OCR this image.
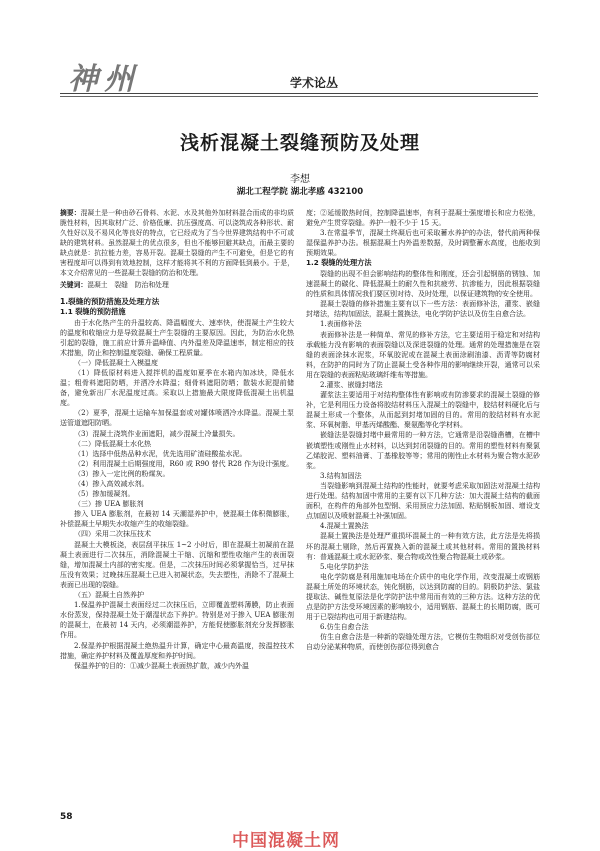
神州	学术论丛
浅析混凝土裂缝预防及处理
李想
湖北工程学院 湖北孝感 432100

摘要：混凝土是一种由砂石骨料、水泥、水及其他外加材料混合而成的非均质脆性材料，因其取材广泛、价格低廉、抗压强度高、可以浇筑成各种形状、耐久性好以及不易风化等良好的特点，它已经成为了当今世界建筑结构中不可或缺的建筑材料。虽然混凝土的优点很多，但也不能够回避其缺点，而最主要的缺点就是：抗拉能力差，容易开裂。混凝土裂缝的产生不可避免，但是它的有害程度却可以得到有效地控制，这样才能将其不利的方面降低到最小。于是，本文介绍常见的一些混凝土裂缝的防治和处理。

关键词：混凝土　裂缝　防治和处理

1.裂缝的预防措施及处理方法

1.1 裂缝的预防措施

由于水化热产生的升温较高、降温幅度大、速率快，使混凝土产生较大的温度和收缩应力是导致混凝土产生裂缝的主要原因。因此，为防治水化热引起的裂缝，施工前应计算升温峰值、内外温差及降温速率，制定相应的技术措施，防止和控制温度裂缝、确保工程质量。

（一）降低混凝土入模温度

（1）降低原材料进入搅拌机的温度如夏季在水箱内加冰块，降低水温；粗骨料遮阳防晒，并洒冷水降温；细骨料遮阳防晒；散装水泥提前储备，避免新出厂水泥温度过高。采取以上措施最大限度降低混凝土出机温度。

（2）夏季，混凝土运输车加保温套或对罐体喷洒冷水降温。混凝土泵送管道遮阳防晒。

（3）混凝土浇筑作业面遮阳，减少混凝土冷量损失。

（二）降低混凝土水化热

（1）选择中低热品种水泥，优先选用矿渣硅酸盐水泥。

（2）利用混凝土后期强度用，R60 或 R90 替代 R28 作为设计强度。

（3）掺入一定比例的粉煤灰。

（4）掺入高效减水剂。

（5）掺加缓凝剂。

（三）掺 UEA 膨胀剂

掺入 UEA 膨胀剂，在最初 14 天潮湿养护中，使混凝土体积微膨胀，补偿混凝土早期失水收缩产生的收缩裂缝。

（四）采用二次抹压技术

混凝土大模板浇，表层刮平抹压 1~2 小时后，即在混凝土初凝前在混凝土表面进行二次抹压，消除混凝土干缩、沉缩和塑性收缩产生的表面裂缝，增加混凝土内部的密实度。但是，二次抹压时间必须掌握恰当，过早抹压没有效果；过晚抹压混凝土已进入初凝状态，失去塑性，消除不了混凝土表面已出现的裂缝。

（五）混凝土自然养护

1.保温养护混凝土表面经过二次抹压后，立即覆盖塑料薄膜，防止表面水份蒸发，保持混凝土处于潮湿状态下养护。特别是对于掺入 UEA 膨胀剂的混凝土，在最初 14 天内，必须潮湿养护，方能促使膨胀剂充分发挥膨胀作用。

2.保湿养护根据混凝土绝热温升计算，确定中心最高温度，按温控技术措施，确定养护材料及覆盖厚度和养护时间。

保温养护的目的：①减少混凝土表面热扩散，减少内外温

度；②延缓散热时间，控制降温速率，有利于混凝土强度增长和应力松弛，避免产生贯穿裂缝。养护一般不少于 15 天。

3.在常温季节，混凝土终凝后也可采取蓄水养护的办法，替代前两种保湿保温养护办法。根据混凝土内外温差数据，及时调整蓄水高度，也能收到预期效果。

1.2 裂缝的处理方法

裂缝的出现不但会影响结构的整体性和刚度，还会引起钢筋的锈蚀、加速混凝土的碳化、降低混凝土的耐久性和抗疲劳、抗渗能力，因此根据裂缝的性质和具体情况我们要区别对待、及时处理，以保证建筑物的安全使用。

混凝土裂缝的修补措施主要有以下一些方法：表面修补法，灌浆、嵌缝封堵法，结构加固法，混凝土置换法，电化学防护法以及仿生自愈合法。

1.表面修补法

表面修补法是一种简单、常见的修补方法，它主要适用于稳定和对结构承载能力没有影响的表面裂缝以及深进裂缝的处理。通常的处理措施是在裂缝的表面涂抹水泥浆，环氧胶泥或在混凝土表面涂刷油漆、沥青等防腐材料，在防护的同时为了防止混凝土受各种作用的影响继续开裂，通常可以采用在裂缝的表面粘贴玻璃纤维布等措施。

2.灌浆、嵌缝封堵法

灌浆法主要适用于对结构整体性有影响或有防渗要求的混凝土裂缝的修补，它是利用压力设备将胶结材料压入混凝土的裂缝中，胶结材料硬化后与混凝土形成一个整体，从而起到封堵加固的目的。常用的胶结材料有水泥浆、环氧树脂、甲基丙烯酸酯、聚氨酯等化学材料。

嵌缝法是裂缝封堵中最常用的一种方法，它通常是沿裂缝凿槽，在槽中嵌填塑性或刚性止水材料，以达到封闭裂缝的目的。常用的塑性材料有聚氯乙烯胶泥、塑料油膏、丁基橡胶等等；常用的刚性止水材料为聚合物水泥砂浆。

3.结构加固法

当裂缝影响到混凝土结构的性能时，就要考虑采取加固法对混凝土结构进行处理。结构加固中常用的主要有以下几种方法：加大混凝土结构的截面面积，在构件的角部外包型钢、采用预应力法加固、粘贴钢板加固、增设支点加固以及喷射混凝土补强加固。

4.混凝土置换法

混凝土置换法是处理严重损坏混凝土的一种有效方法，此方法是先将损坏的混凝土剔除，然后再置换入新的混凝土或其他材料。常用的置换材料有：普通混凝土或水泥砂浆、聚合物或改性聚合物混凝土或砂浆。

5.电化学防护法

电化学防腐是利用施加电场在介质中的电化学作用，改变混凝土或钢筋混凝土所处的环境状态，钝化钢筋，以达到防腐的目的。阴极防护法、氯盐提取法、碱性复原法是化学防护法中常用而有效的三种方法。这种方法的优点是防护方法受环境因素的影响较小，适用钢筋、混凝土的长期防腐，既可用于已裂结构也可用于新建结构。

6.仿生自愈合法

仿生自愈合法是一种新的裂缝处理方法，它模仿生物组织对受创伤部位自动分泌某种物质，而使创伤部位得到愈合

58
中国混凝土网
